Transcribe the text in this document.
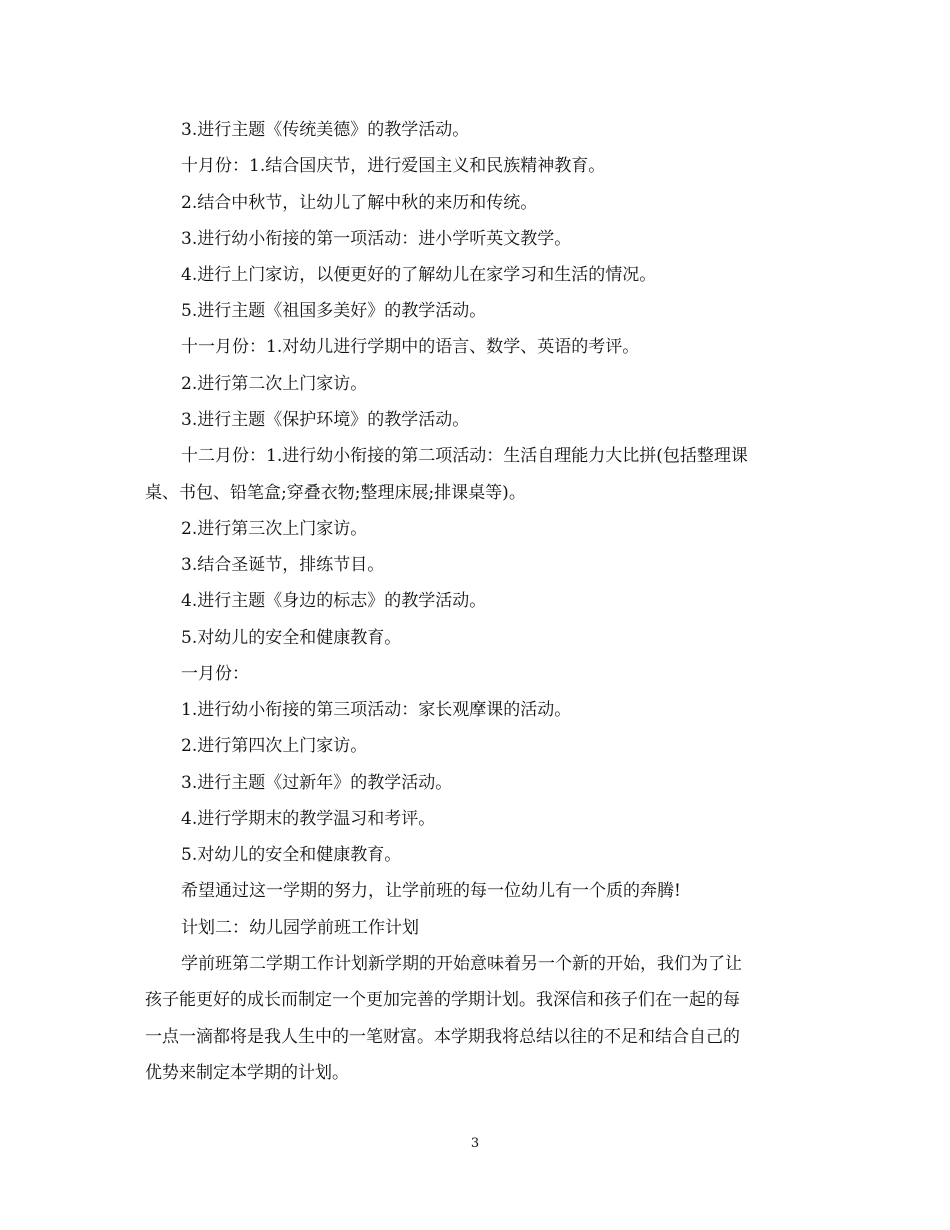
3.进行主题《传统美德》的教学活动。
十月份：1.结合国庆节，进行爱国主义和民族精神教育。
2.结合中秋节，让幼儿了解中秋的来历和传统。
3.进行幼小衔接的第一项活动：进小学听英文教学。
4.进行上门家访，以便更好的了解幼儿在家学习和生活的情况。
5.进行主题《祖国多美好》的教学活动。
十一月份：1.对幼儿进行学期中的语言、数学、英语的考评。
2.进行第二次上门家访。
3.进行主题《保护环境》的教学活动。
十二月份：1.进行幼小衔接的第二项活动：生活自理能力大比拼(包括整理课
桌、书包、铅笔盒;穿叠衣物;整理床展;排课桌等)。
2.进行第三次上门家访。
3.结合圣诞节，排练节目。
4.进行主题《身边的标志》的教学活动。
5.对幼儿的安全和健康教育。
一月份：
1.进行幼小衔接的第三项活动：家长观摩课的活动。
2.进行第四次上门家访。
3.进行主题《过新年》的教学活动。
4.进行学期末的教学温习和考评。
5.对幼儿的安全和健康教育。
希望通过这一学期的努力，让学前班的每一位幼儿有一个质的奔腾!
计划二：幼儿园学前班工作计划
学前班第二学期工作计划新学期的开始意味着另一个新的开始，我们为了让
孩子能更好的成长而制定一个更加完善的学期计划。我深信和孩子们在一起的每
一点一滴都将是我人生中的一笔财富。本学期我将总结以往的不足和结合自己的
优势来制定本学期的计划。
3
